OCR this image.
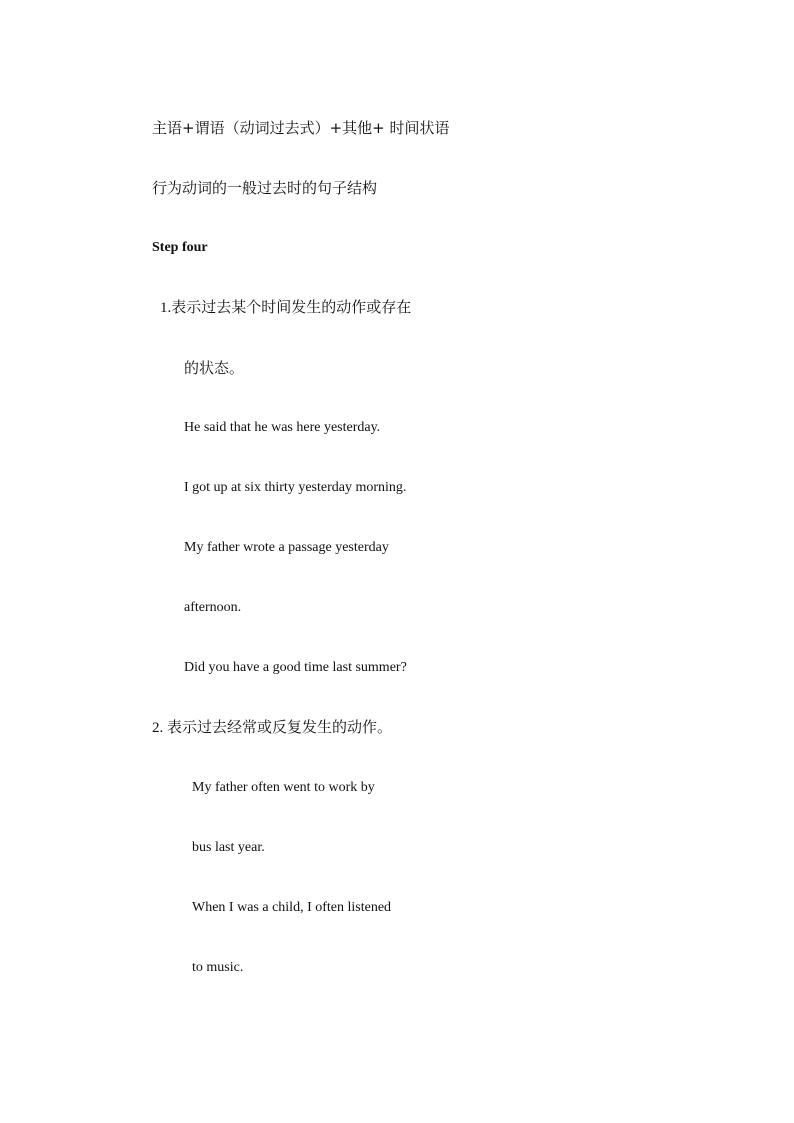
主语+谓语（动词过去式）+其他+ 时间状语
行为动词的一般过去时的句子结构
Step four
1.表示过去某个时间发生的动作或存在
的状态。
He said that he was here yesterday.
I got up at six thirty yesterday morning.
My father wrote a passage yesterday
afternoon.
Did you have a good time last summer?
2. 表示过去经常或反复发生的动作。
My father often went to work by
bus last year.
When I was a child, I often listened
to music.
